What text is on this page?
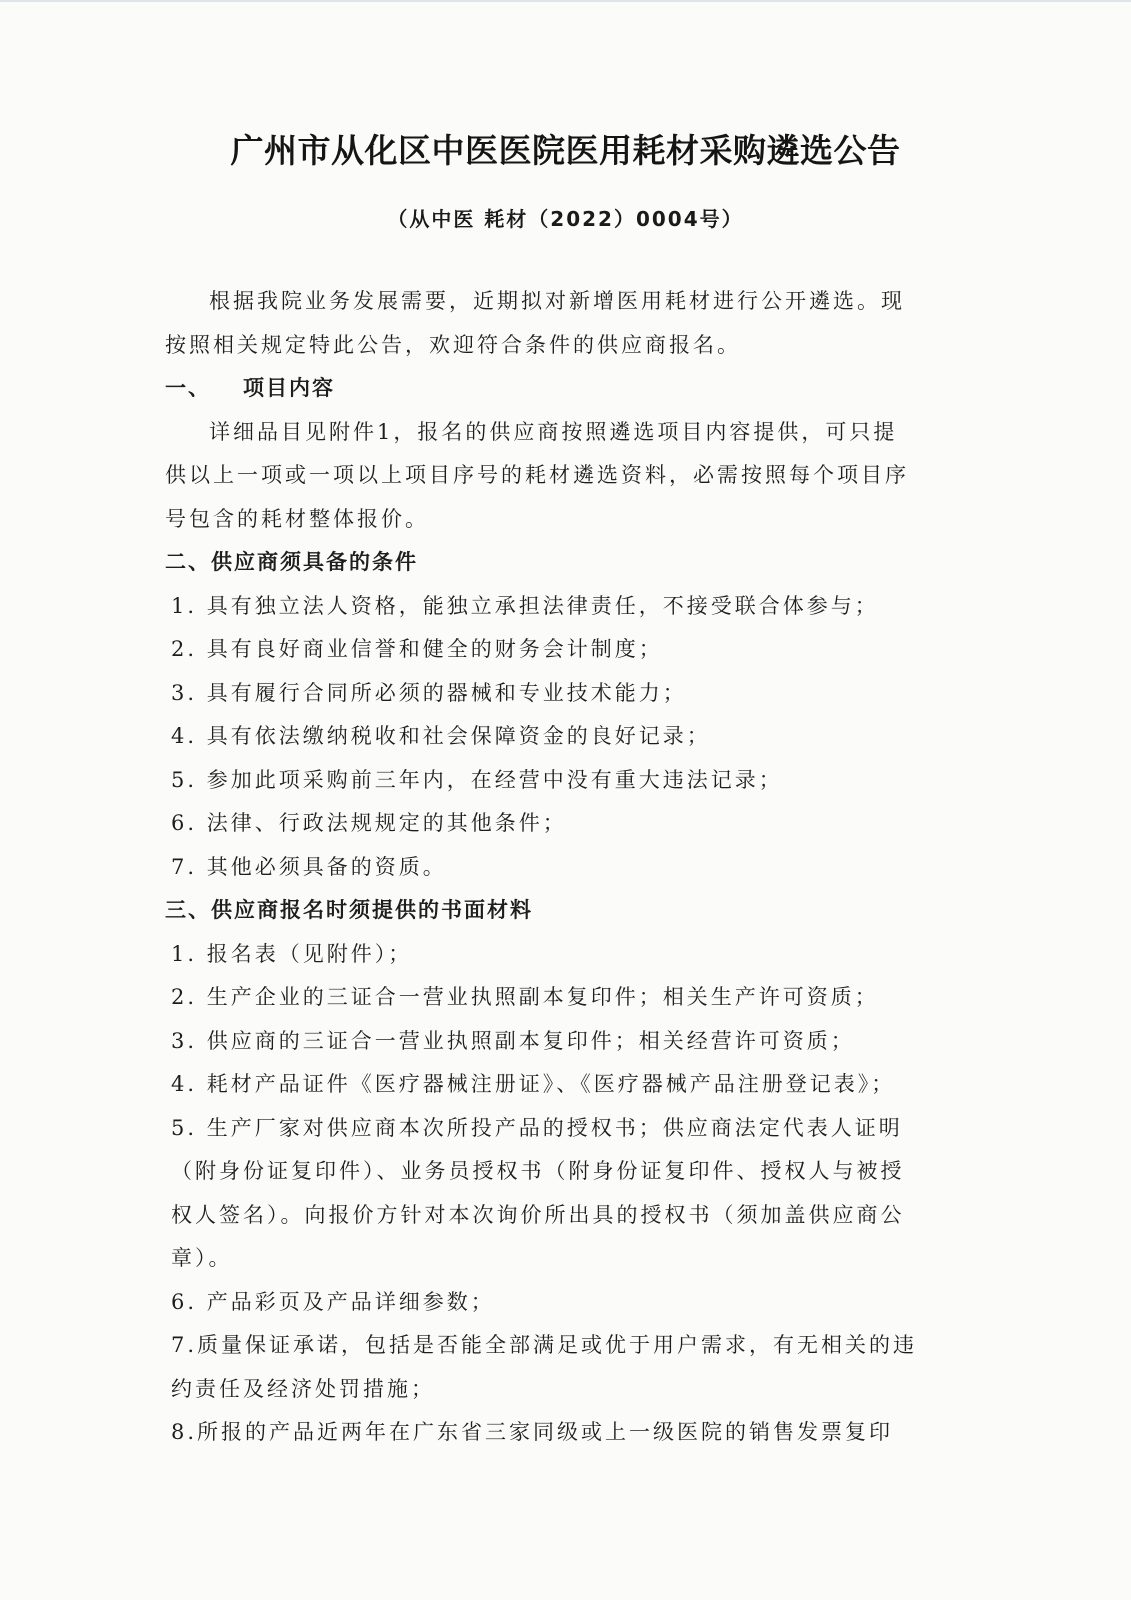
广州市从化区中医医院医用耗材采购遴选公告
（从中医 耗材（2022）0004号）
根据我院业务发展需要，近期拟对新增医用耗材进行公开遴选。现
按照相关规定特此公告，欢迎符合条件的供应商报名。
一、 项目内容
详细品目见附件1，报名的供应商按照遴选项目内容提供，可只提
供以上一项或一项以上项目序号的耗材遴选资料，必需按照每个项目序
号包含的耗材整体报价。
二、供应商须具备的条件
1. 具有独立法人资格，能独立承担法律责任，不接受联合体参与；
2. 具有良好商业信誉和健全的财务会计制度；
3. 具有履行合同所必须的器械和专业技术能力；
4. 具有依法缴纳税收和社会保障资金的良好记录；
5. 参加此项采购前三年内，在经营中没有重大违法记录；
6. 法律、行政法规规定的其他条件；
7. 其他必须具备的资质。
三、供应商报名时须提供的书面材料
1. 报名表（见附件）；
2. 生产企业的三证合一营业执照副本复印件；相关生产许可资质；
3. 供应商的三证合一营业执照副本复印件；相关经营许可资质；
4. 耗材产品证件《医疗器械注册证》、《医疗器械产品注册登记表》；
5. 生产厂家对供应商本次所投产品的授权书；供应商法定代表人证明
（附身份证复印件）、业务员授权书（附身份证复印件、授权人与被授
权人签名）。向报价方针对本次询价所出具的授权书（须加盖供应商公
章）。
6. 产品彩页及产品详细参数；
7.质量保证承诺，包括是否能全部满足或优于用户需求，有无相关的违
约责任及经济处罚措施；
8.所报的产品近两年在广东省三家同级或上一级医院的销售发票复印
